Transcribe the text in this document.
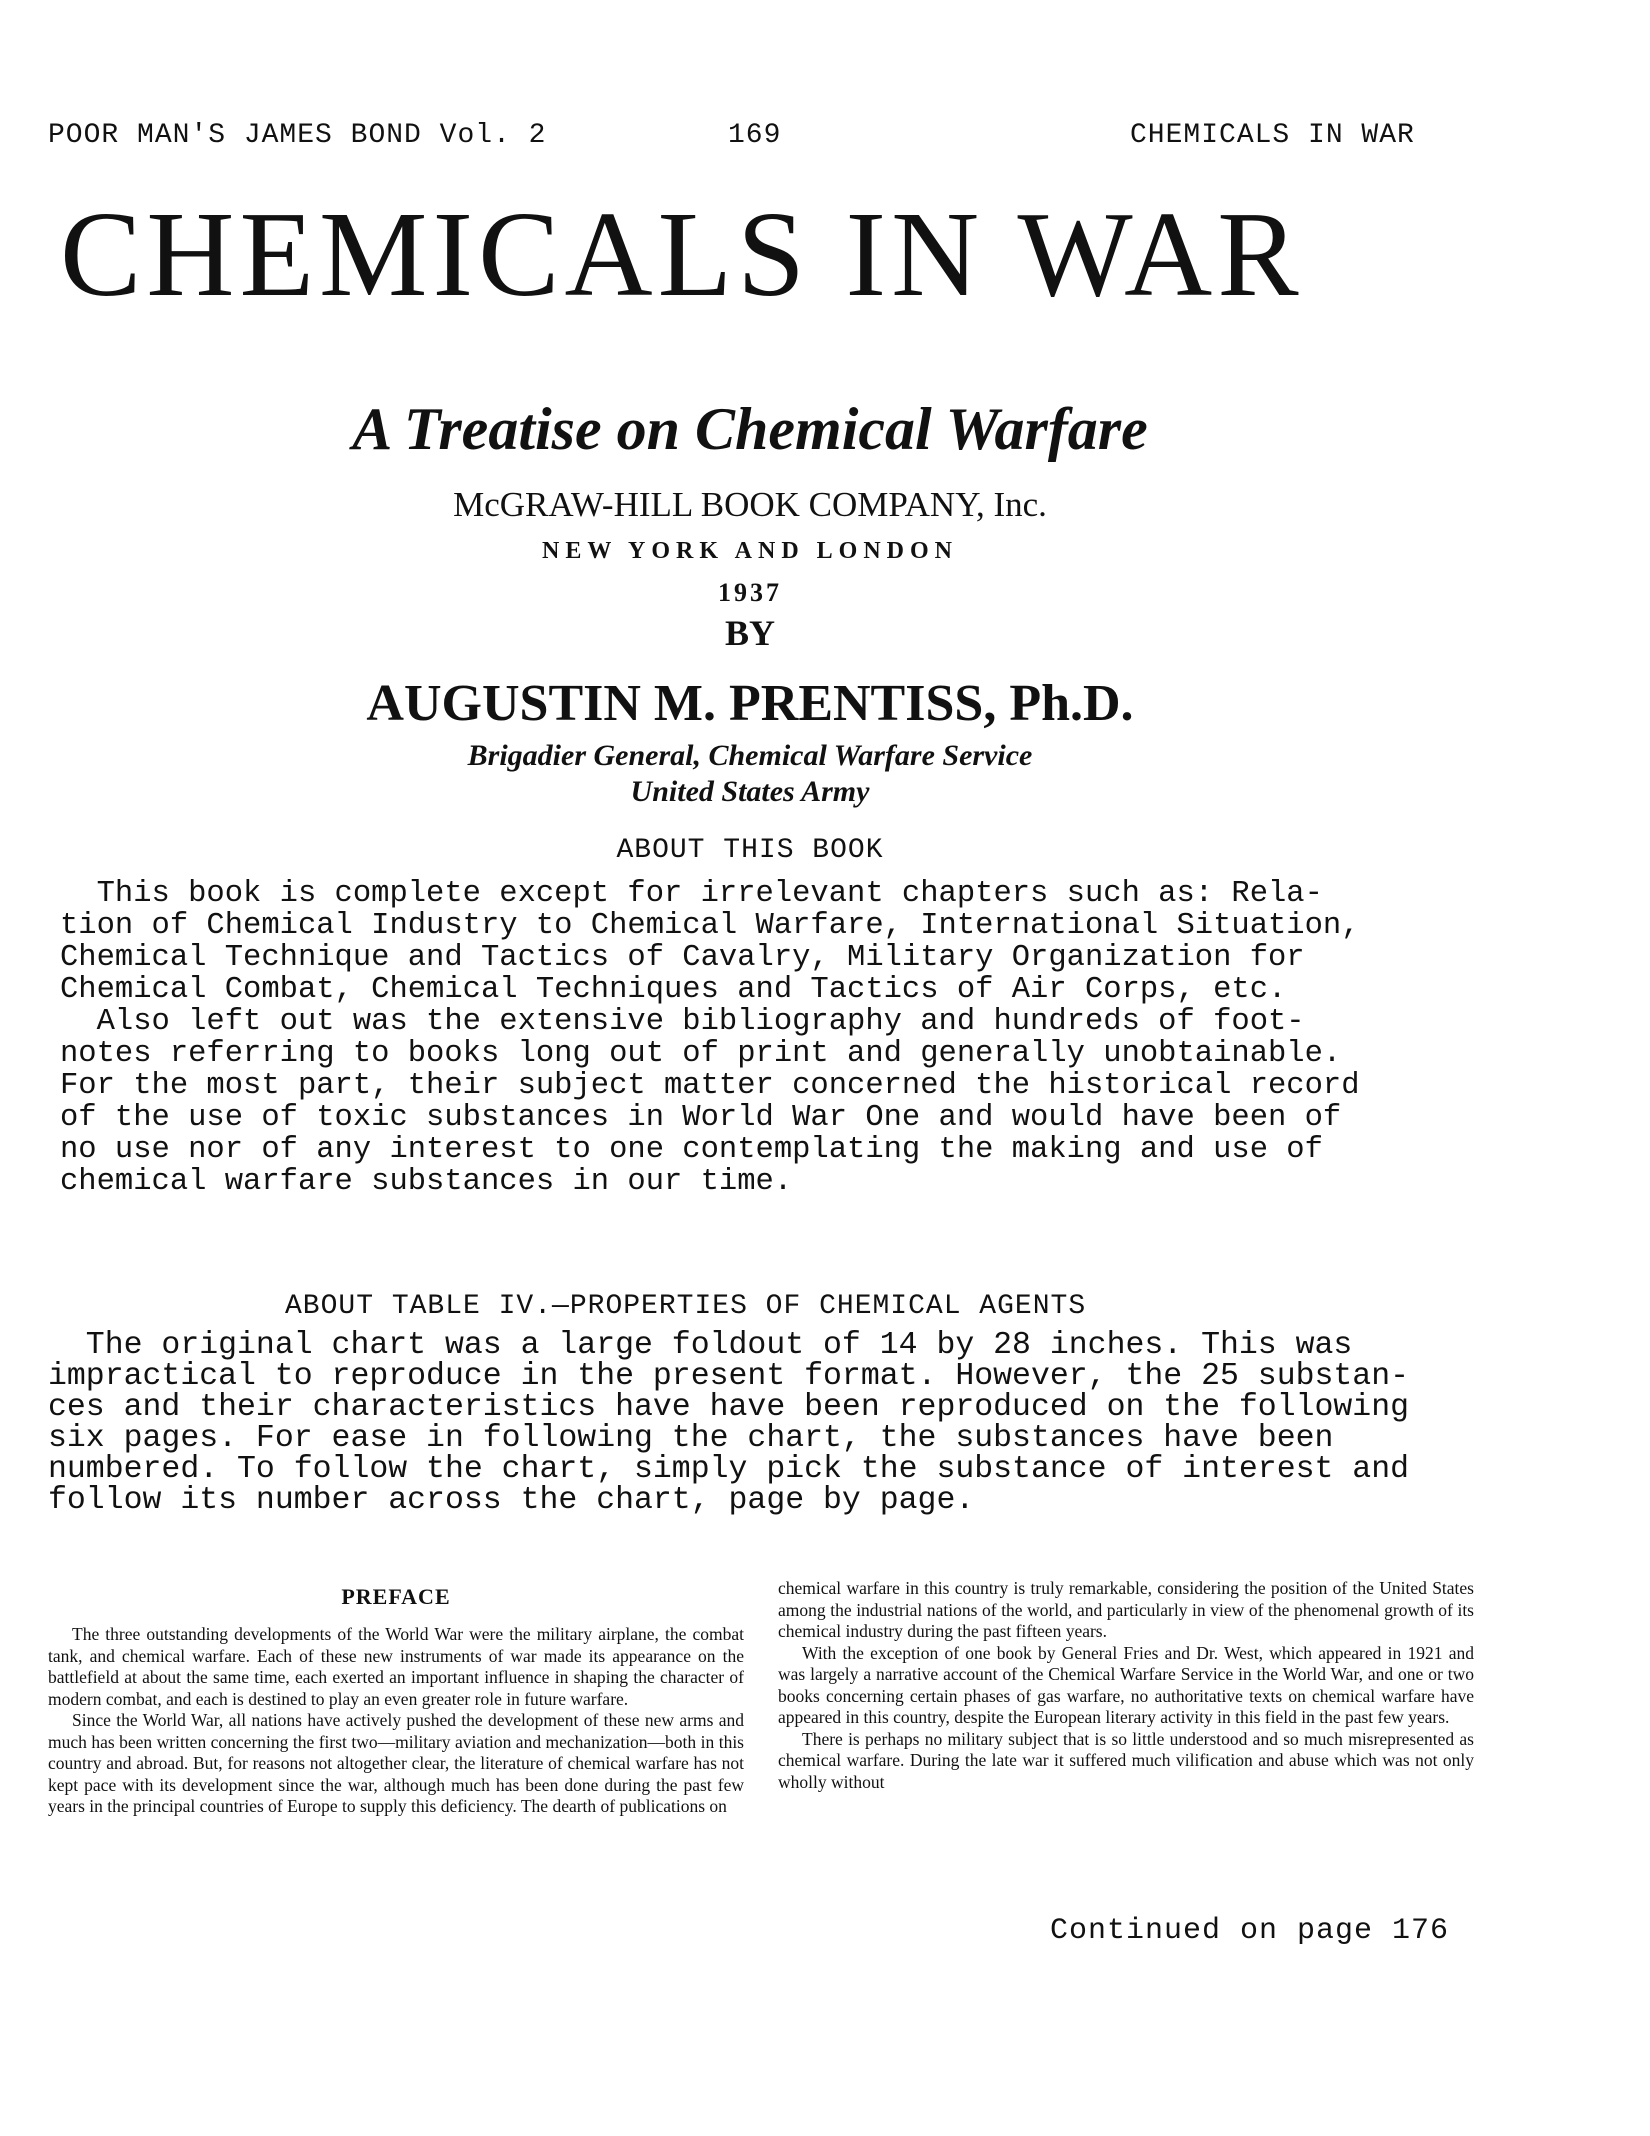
POOR MAN'S JAMES BOND Vol. 2	169	CHEMICALS IN WAR
CHEMICALS IN WAR
A Treatise on Chemical Warfare
McGRAW-HILL BOOK COMPANY, Inc.
NEW YORK AND LONDON
1937
BY
AUGUSTIN M. PRENTISS, Ph.D.
Brigadier General, Chemical Warfare Service
United States Army
ABOUT THIS BOOK
This book is complete except for irrelevant chapters such as: Rela-
tion of Chemical Industry to Chemical Warfare, International Situation,
Chemical Technique and Tactics of Cavalry, Military Organization for
Chemical Combat, Chemical Techniques and Tactics of Air Corps, etc.
Also left out was the extensive bibliography and hundreds of foot-
notes referring to books long out of print and generally unobtainable.
For the most part, their subject matter concerned the historical record
of the use of toxic substances in World War One and would have been of
no use nor of any interest to one contemplating the making and use of
chemical warfare substances in our time.
ABOUT TABLE IV.—PROPERTIES OF CHEMICAL AGENTS
The original chart was a large foldout of 14 by 28 inches. This was
impractical to reproduce in the present format. However, the 25 substan-
ces and their characteristics have have been reproduced on the following
six pages. For ease in following the chart, the substances have been
numbered. To follow the chart, simply pick the substance of interest and
follow its number across the chart, page by page.
PREFACE

The three outstanding developments of the World War were the military airplane, the combat tank, and chemical warfare. Each of these new instruments of war made its appearance on the battlefield at about the same time, each exerted an important influence in shaping the character of modern combat, and each is destined to play an even greater role in future warfare.

Since the World War, all nations have actively pushed the development of these new arms and much has been written concerning the first two—military aviation and mechanization—both in this country and abroad. But, for reasons not altogether clear, the literature of chemical warfare has not kept pace with its development since the war, although much has been done during the past few years in the principal countries of Europe to supply this deficiency. The dearth of publications on

chemical warfare in this country is truly remarkable, considering the position of the United States among the industrial nations of the world, and particularly in view of the phenomenal growth of its chemical industry during the past fifteen years.

With the exception of one book by General Fries and Dr. West, which appeared in 1921 and was largely a narrative account of the Chemical Warfare Service in the World War, and one or two books concerning certain phases of gas warfare, no authoritative texts on chemical warfare have appeared in this country, despite the European literary activity in this field in the past few years.

There is perhaps no military subject that is so little understood and so much misrepresented as chemical warfare. During the late war it suffered much vilification and abuse which was not only wholly without

Continued on page 176
